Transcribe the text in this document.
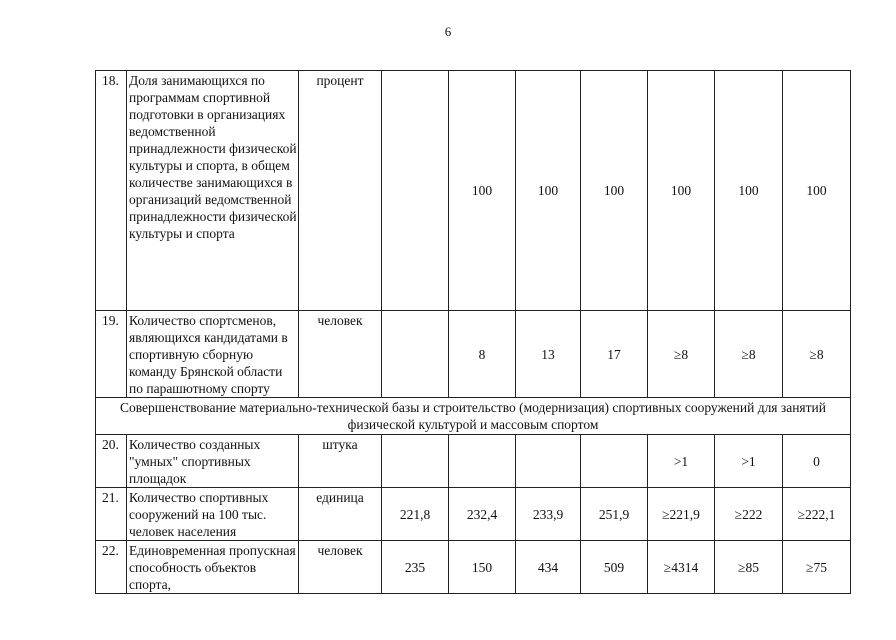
6
18.	Доля занимающихся по программам спортивной подготовки в организациях ведомственной принадлежности физической культуры и спорта, в общем количестве занимающихся в организаций ведомственной принадлежности физической культуры и спорта	процент		100	100	100	100	100	100
19.	Количество спортсменов, являющихся кандидатами в спортивную сборную команду Брянской области по парашютному спорту	человек		8	13	17	≥8	≥8	≥8
Совершенствование материально-технической базы и строительство (модернизация) спортивных сооружений для занятий физической культурой и массовым спортом									
20.	Количество созданных "умных" спортивных площадок	штука					>1	>1	0
21.	Количество спортивных сооружений на 100 тыс. человек населения	единица	221,8	232,4	233,9	251,9	≥221,9	≥222	≥222,1
22.	Единовременная пропускная способность объектов спорта,	человек	235	150	434	509	≥4314	≥85	≥75
